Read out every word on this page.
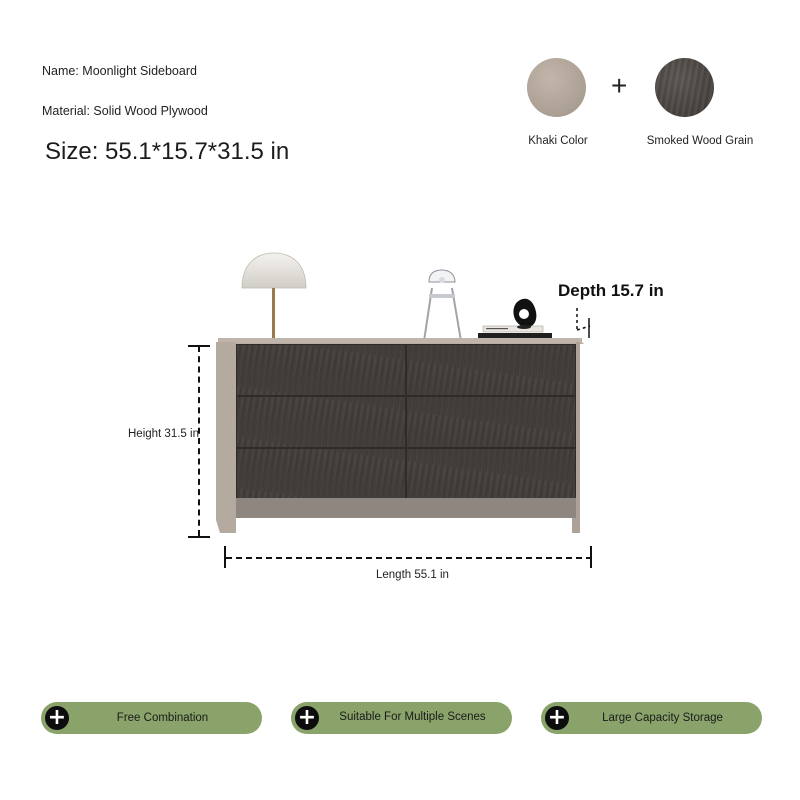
Name: Moonlight Sideboard
Material: Solid Wood Plywood
Size: 55.1*15.7*31.5 in
+
Khaki Color	Smoked Wood Grain
Depth 15.7 in
Height 31.5 in
Length 55.1 in
+	Free Combination	+	Suitable For Multiple Scenes	+	Large Capacity Storage
